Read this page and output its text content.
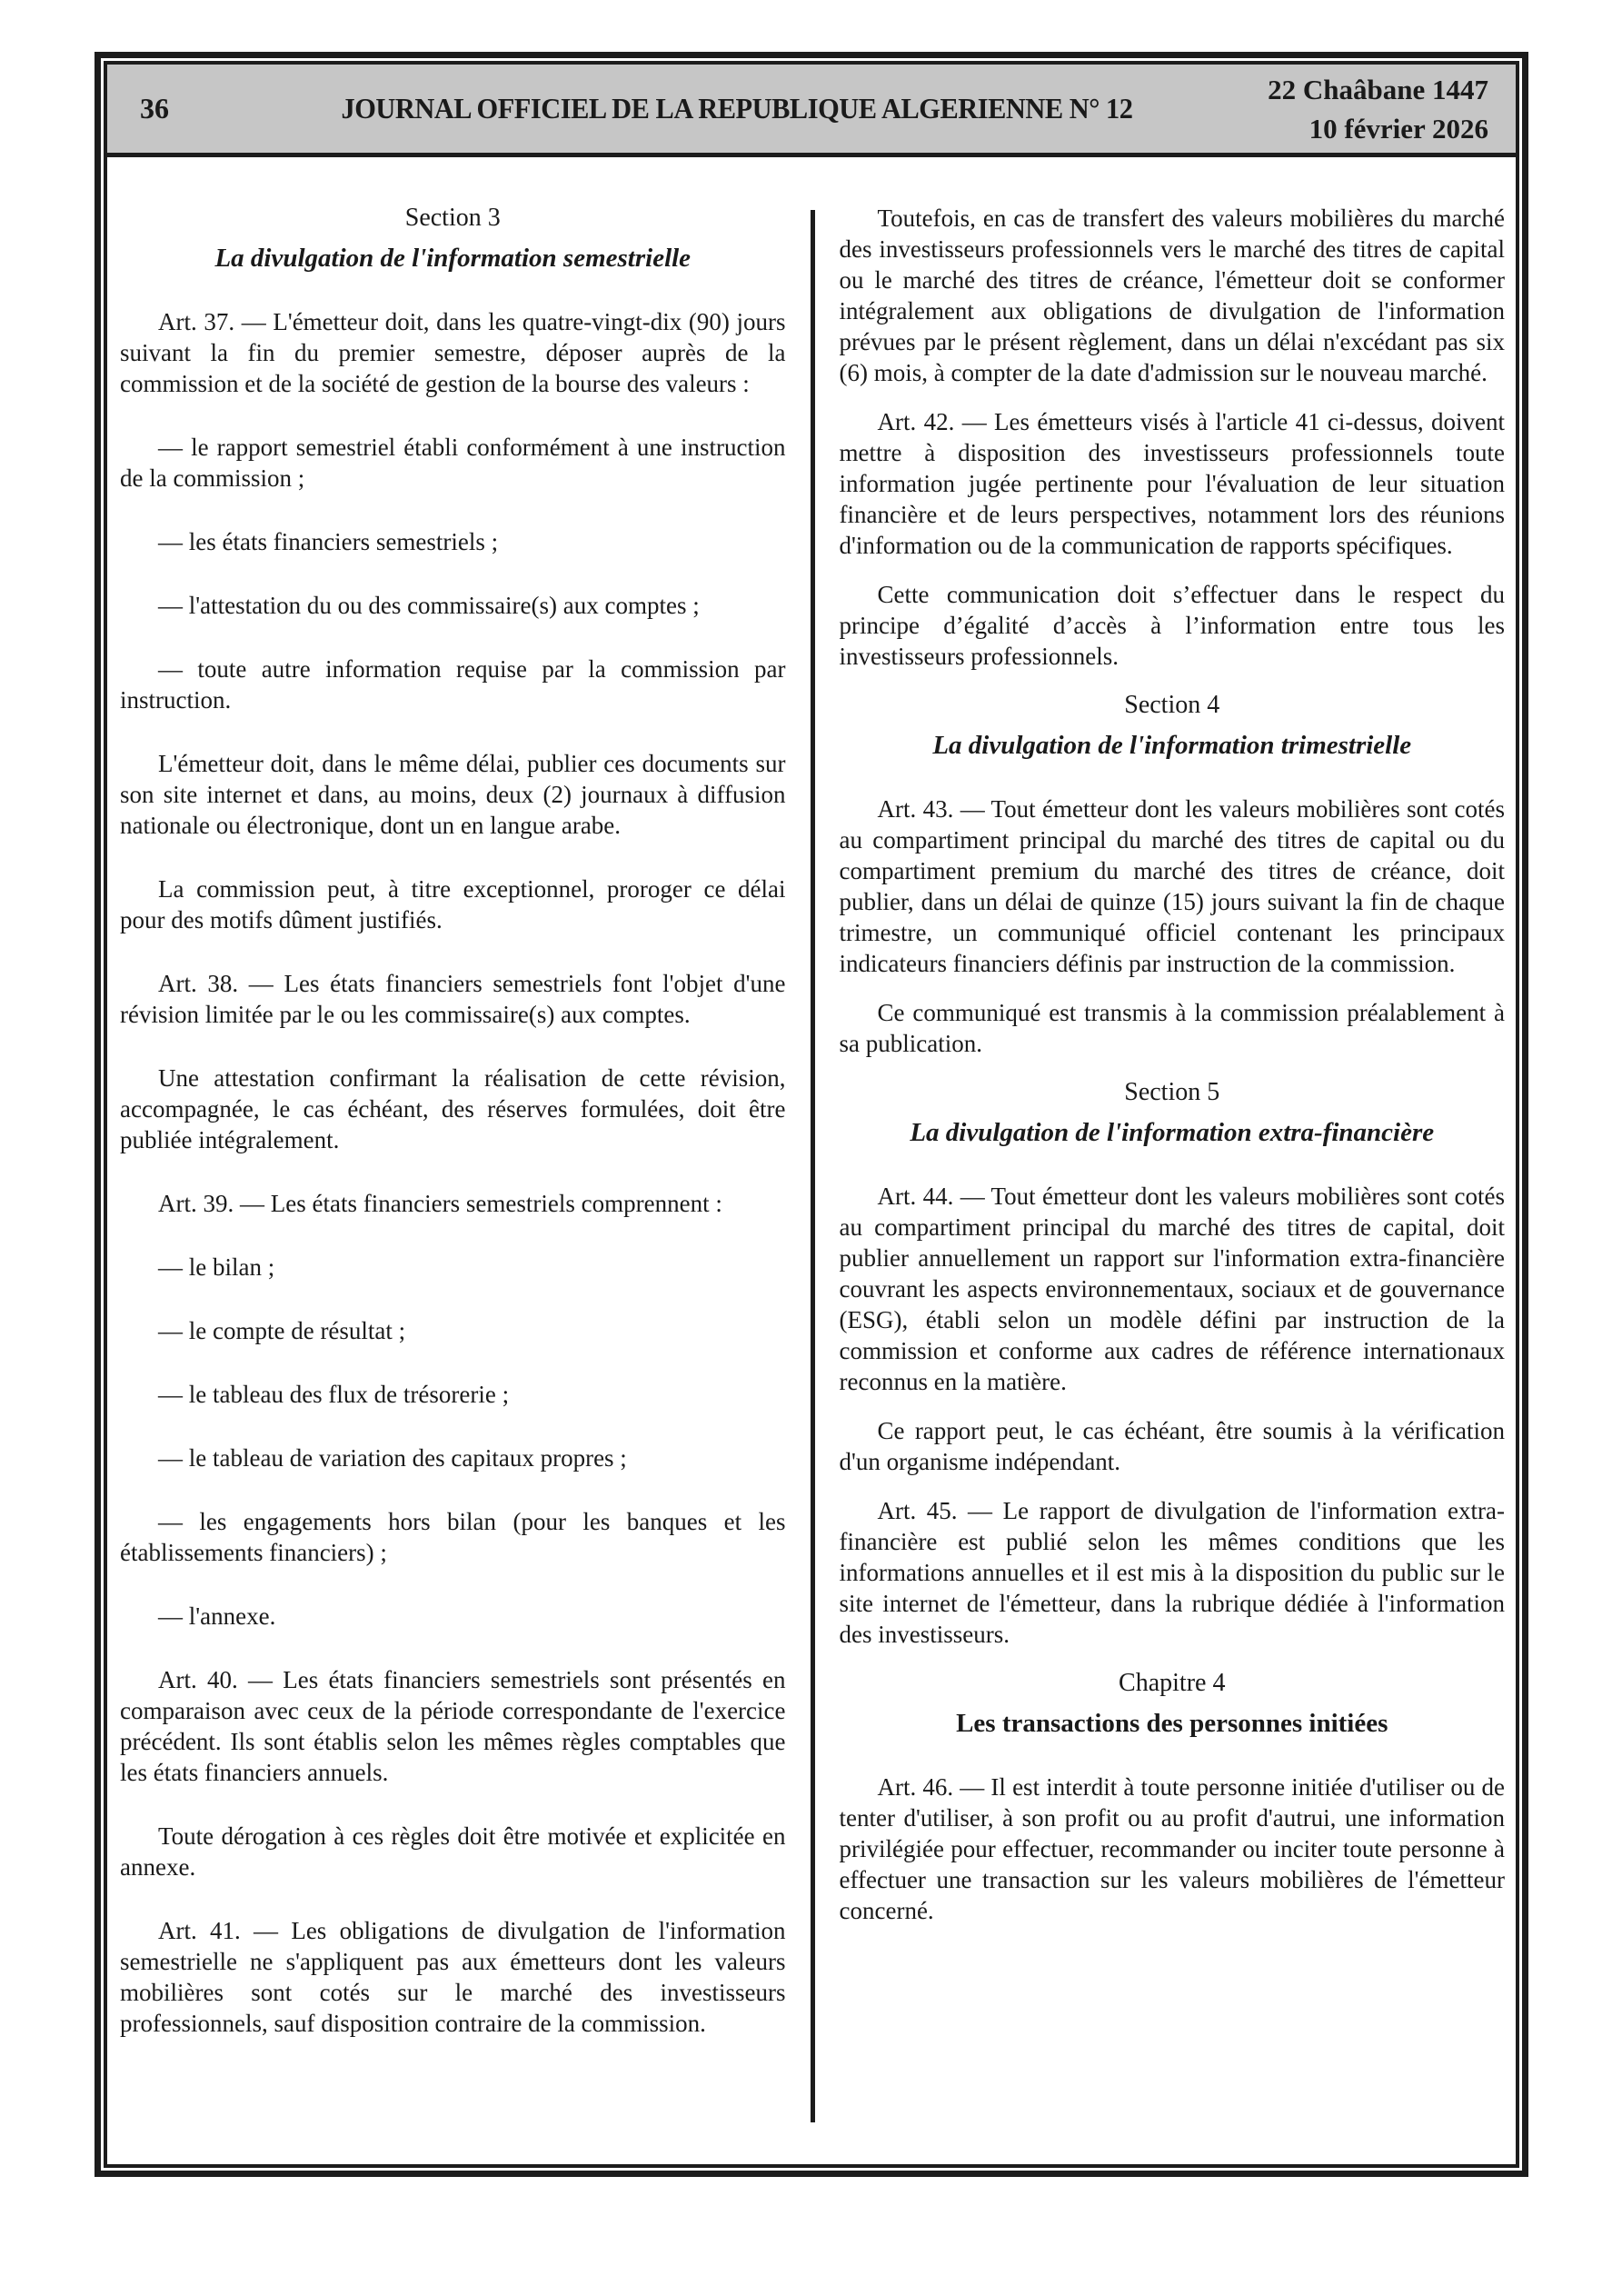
36	JOURNAL OFFICIEL DE LA REPUBLIQUE ALGERIENNE N° 12
22 Chaâbane 1447
10 février 2026

Section 3

La divulgation de l'information semestrielle

Art. 37. — L'émetteur doit, dans les quatre-vingt-dix (90) jours suivant la fin du premier semestre, déposer auprès de la commission et de la société de gestion de la bourse des valeurs :

— le rapport semestriel établi conformément à une instruction de la commission ;

— les états financiers semestriels ;

— l'attestation du ou des commissaire(s) aux comptes ;

— toute autre information requise par la commission par instruction.

L'émetteur doit, dans le même délai, publier ces documents sur son site internet et dans, au moins, deux (2) journaux à diffusion nationale ou électronique, dont un en langue arabe.

La commission peut, à titre exceptionnel, proroger ce délai pour des motifs dûment justifiés.

Art. 38. — Les états financiers semestriels font l'objet d'une révision limitée par le ou les commissaire(s) aux comptes.

Une attestation confirmant la réalisation de cette révision, accompagnée, le cas échéant, des réserves formulées, doit être publiée intégralement.

Art. 39. — Les états financiers semestriels comprennent :

— le bilan ;

— le compte de résultat ;

— le tableau des flux de trésorerie ;

— le tableau de variation des capitaux propres ;

— les engagements hors bilan (pour les banques et les établissements financiers) ;

— l'annexe.

Art. 40. — Les états financiers semestriels sont présentés en comparaison avec ceux de la période correspondante de l'exercice précédent. Ils sont établis selon les mêmes règles comptables que les états financiers annuels.

Toute dérogation à ces règles doit être motivée et explicitée en annexe.

Art. 41. — Les obligations de divulgation de l'information semestrielle ne s'appliquent pas aux émetteurs dont les valeurs mobilières sont cotés sur le marché des investisseurs professionnels, sauf disposition contraire de la commission.

Toutefois, en cas de transfert des valeurs mobilières du marché des investisseurs professionnels vers le marché des titres de capital ou le marché des titres de créance, l'émetteur doit se conformer intégralement aux obligations de divulgation de l'information prévues par le présent règlement, dans un délai n'excédant pas six (6) mois, à compter de la date d'admission sur le nouveau marché.

Art. 42. — Les émetteurs visés à l'article 41 ci-dessus, doivent mettre à disposition des investisseurs professionnels toute information jugée pertinente pour l'évaluation de leur situation financière et de leurs perspectives, notamment lors des réunions d'information ou de la communication de rapports spécifiques.

Cette communication doit s’effectuer dans le respect du principe d’égalité d’accès à l’information entre tous les investisseurs professionnels.

Section 4

La divulgation de l'information trimestrielle

Art. 43. — Tout émetteur dont les valeurs mobilières sont cotés au compartiment principal du marché des titres de capital ou du compartiment premium du marché des titres de créance, doit publier, dans un délai de quinze (15) jours suivant la fin de chaque trimestre, un communiqué officiel contenant les principaux indicateurs financiers définis par instruction de la commission.

Ce communiqué est transmis à la commission préalablement à sa publication.

Section 5

La divulgation de l'information extra-financière

Art. 44. — Tout émetteur dont les valeurs mobilières sont cotés au compartiment principal du marché des titres de capital, doit publier annuellement un rapport sur l'information extra-financière couvrant les aspects environnementaux, sociaux et de gouvernance (ESG), établi selon un modèle défini par instruction de la commission et conforme aux cadres de référence internationaux reconnus en la matière.

Ce rapport peut, le cas échéant, être soumis à la vérification d'un organisme indépendant.

Art. 45. — Le rapport de divulgation de l'information extra-financière est publié selon les mêmes conditions que les informations annuelles et il est mis à la disposition du public sur le site internet de l'émetteur, dans la rubrique dédiée à l'information des investisseurs.

Chapitre 4

Les transactions des personnes initiées

Art. 46. — Il est interdit à toute personne initiée d'utiliser ou de tenter d'utiliser, à son profit ou au profit d'autrui, une information privilégiée pour effectuer, recommander ou inciter toute personne à effectuer une transaction sur les valeurs mobilières de l'émetteur concerné.
